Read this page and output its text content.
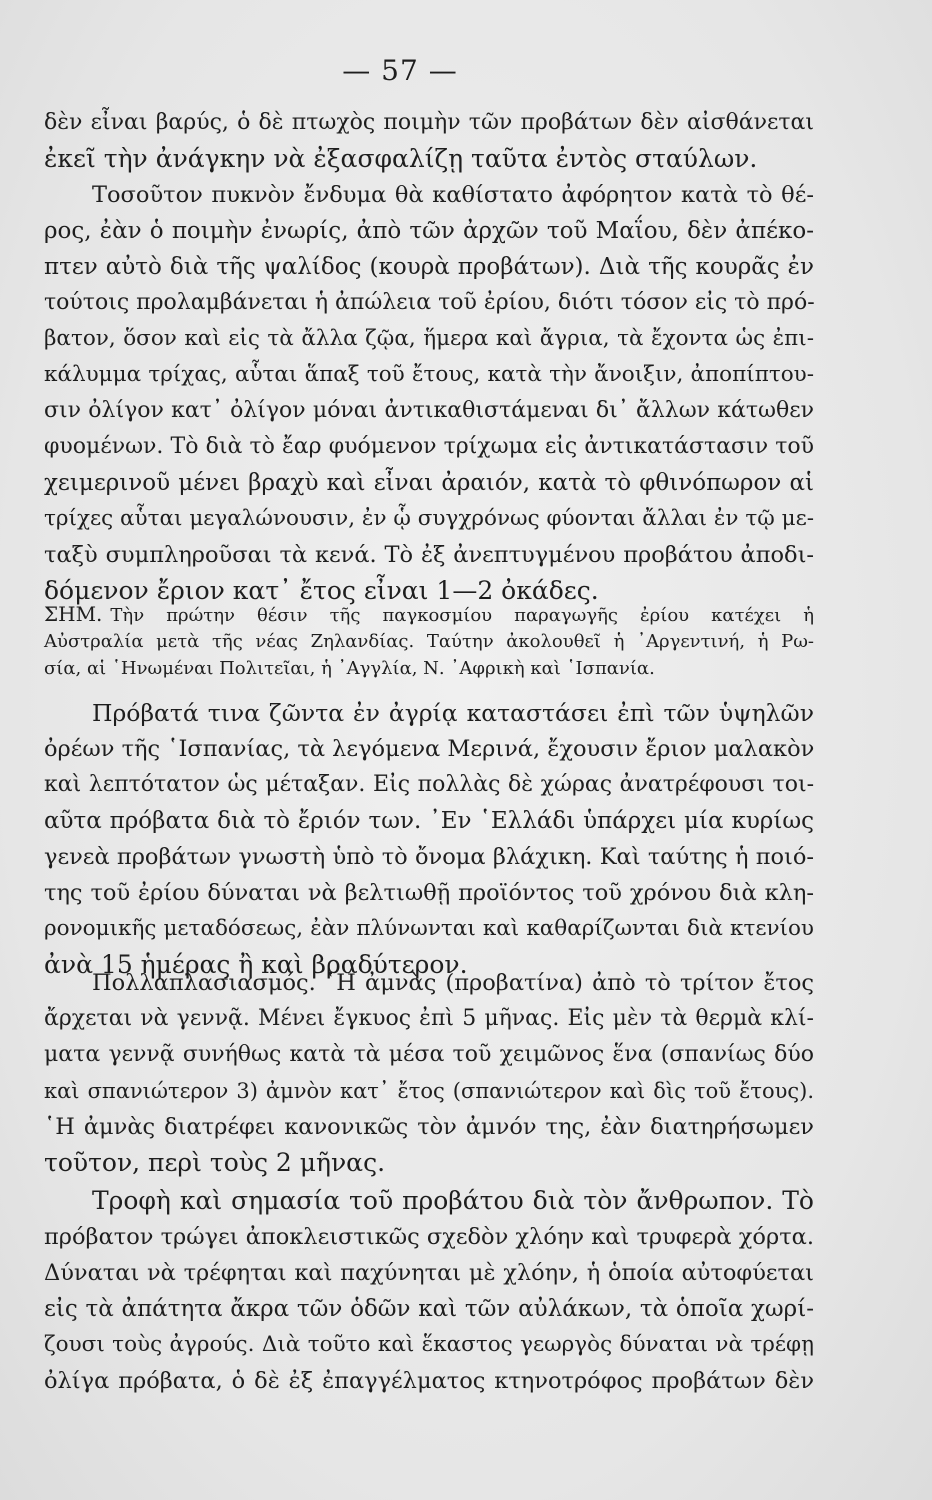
— 57 —
δὲν εἶναι βαρύς, ὁ δὲ πτωχὸς ποιμὴν τῶν προβάτων δὲν αἰσθάνεται
ἐκεῖ τὴν ἀνάγκην νὰ ἐξασφαλίζῃ ταῦτα ἐντὸς σταύλων.
Τοσοῦτον πυκνὸν ἔνδυμα θὰ καθίστατο ἀφόρητον κατὰ τὸ θέ-
ρος, ἐὰν ὁ ποιμὴν ἐνωρίς, ἀπὸ τῶν ἀρχῶν τοῦ Μαΐου, δὲν ἀπέκο-
πτεν αὐτὸ διὰ τῆς ψαλίδος (κουρὰ προβάτων). Διὰ τῆς κουρᾶς ἐν
τούτοις προλαμβάνεται ἡ ἀπώλεια τοῦ ἐρίου, διότι τόσον εἰς τὸ πρό-
βατον, ὅσον καὶ εἰς τὰ ἄλλα ζῷα, ἥμερα καὶ ἄγρια, τὰ ἔχοντα ὡς ἐπι-
κάλυμμα τρίχας, αὗται ἅπαξ τοῦ ἔτους, κατὰ τὴν ἄνοιξιν, ἀποπίπτου-
σιν ὀλίγον κατ᾿ ὀλίγον μόναι ἀντικαθιστάμεναι δι᾿ ἄλλων κάτωθεν
φυομένων. Τὸ διὰ τὸ ἔαρ φυόμενον τρίχωμα εἰς ἀντικατάστασιν τοῦ
χειμερινοῦ μένει βραχὺ καὶ εἶναι ἀραιόν, κατὰ τὸ φθινόπωρον αἱ
τρίχες αὗται μεγαλώνουσιν, ἐν ᾧ συγχρόνως φύονται ἄλλαι ἐν τῷ με-
ταξὺ συμπληροῦσαι τὰ κενά. Τὸ ἐξ ἀνεπτυγμένου προβάτου ἀποδι-
δόμενον ἔριον κατ᾿ ἔτος εἶναι 1—2 ὀκάδες.
ΣΗΜ. Τὴν πρώτην θέσιν τῆς παγκοσμίου παραγωγῆς ἐρίου κατέχει ἡ
Αὐστραλία μετὰ τῆς νέας Ζηλανδίας. Ταύτην ἀκολουθεῖ ἡ ᾿Αργεντινή, ἡ Ρω-
σία, αἱ ῾Ηνωμέναι Πολιτεῖαι, ἡ ᾿Αγγλία, Ν. ᾿Αφρικὴ καὶ ῾Ισπανία.
Πρόβατά τινα ζῶντα ἐν ἀγρίᾳ καταστάσει ἐπὶ τῶν ὑψηλῶν
ὀρέων τῆς ῾Ισπανίας, τὰ λεγόμενα Μερινά, ἔχουσιν ἔριον μαλακὸν
καὶ λεπτότατον ὡς μέταξαν. Εἰς πολλὰς δὲ χώρας ἀνατρέφουσι τοι-
αῦτα πρόβατα διὰ τὸ ἔριόν των. ᾿Εν ῾Ελλάδι ὑπάρχει μία κυρίως
γενεὰ προβάτων γνωστὴ ὑπὸ τὸ ὄνομα βλάχικη. Καὶ ταύτης ἡ ποιό-
της τοῦ ἐρίου δύναται νὰ βελτιωθῇ προϊόντος τοῦ χρόνου διὰ κλη-
ρονομικῆς μεταδόσεως, ἐὰν πλύνωνται καὶ καθαρίζωνται διὰ κτενίου
ἀνὰ 15 ἡμέρας ἢ καὶ βραδύτερον.
Πολλαπλασιασμός. ῾Η ἀμνὰς (προβατίνα) ἀπὸ τὸ τρίτον ἔτος
ἄρχεται νὰ γεννᾷ. Μένει ἔγκυος ἐπὶ 5 μῆνας. Εἰς μὲν τὰ θερμὰ κλί-
ματα γεννᾷ συνήθως κατὰ τὰ μέσα τοῦ χειμῶνος ἕνα (σπανίως δύο
καὶ σπανιώτερον 3) ἀμνὸν κατ᾿ ἔτος (σπανιώτερον καὶ δὶς τοῦ ἔτους).
῾Η ἀμνὰς διατρέφει κανονικῶς τὸν ἀμνόν της, ἐὰν διατηρήσωμεν
τοῦτον, περὶ τοὺς 2 μῆνας.
Τροφὴ καὶ σημασία τοῦ προβάτου διὰ τὸν ἄνθρωπον. Τὸ
πρόβατον τρώγει ἀποκλειστικῶς σχεδὸν χλόην καὶ τρυφερὰ χόρτα.
Δύναται νὰ τρέφηται καὶ παχύνηται μὲ χλόην, ἡ ὁποία αὐτοφύεται
εἰς τὰ ἀπάτητα ἄκρα τῶν ὁδῶν καὶ τῶν αὐλάκων, τὰ ὁποῖα χωρί-
ζουσι τοὺς ἀγρούς. Διὰ τοῦτο καὶ ἕκαστος γεωργὸς δύναται νὰ τρέφῃ
ὀλίγα πρόβατα, ὁ δὲ ἐξ ἐπαγγέλματος κτηνοτρόφος προβάτων δὲν
